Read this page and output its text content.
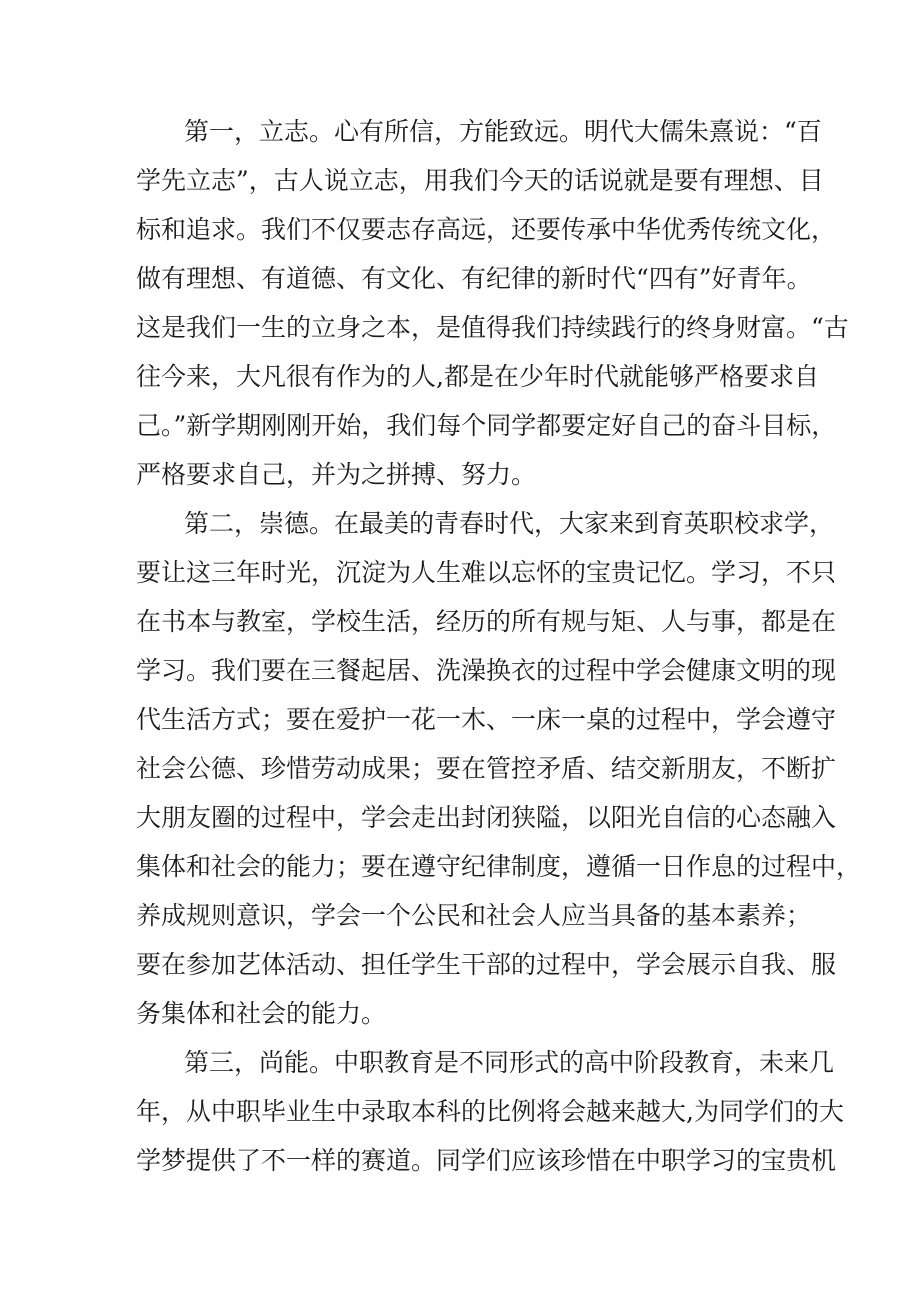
第一，立志。心有所信，方能致远。明代大儒朱熹说：“百
学先立志”，古人说立志，用我们今天的话说就是要有理想、目
标和追求。我们不仅要志存高远，还要传承中华优秀传统文化，
做有理想、有道德、有文化、有纪律的新时代“四有”好青年。
这是我们一生的立身之本，是值得我们持续践行的终身财富。“古
往今来，大凡很有作为的人,都是在少年时代就能够严格要求自
己。”新学期刚刚开始，我们每个同学都要定好自己的奋斗目标，
严格要求自己，并为之拼搏、努力。
第二，崇德。在最美的青春时代，大家来到育英职校求学，
要让这三年时光，沉淀为人生难以忘怀的宝贵记忆。学习，不只
在书本与教室，学校生活，经历的所有规与矩、人与事，都是在
学习。我们要在三餐起居、洗澡换衣的过程中学会健康文明的现
代生活方式；要在爱护一花一木、一床一桌的过程中，学会遵守
社会公德、珍惜劳动成果；要在管控矛盾、结交新朋友，不断扩
大朋友圈的过程中，学会走出封闭狭隘，以阳光自信的心态融入
集体和社会的能力；要在遵守纪律制度，遵循一日作息的过程中，
养成规则意识，学会一个公民和社会人应当具备的基本素养；
要在参加艺体活动、担任学生干部的过程中，学会展示自我、服
务集体和社会的能力。
第三，尚能。中职教育是不同形式的高中阶段教育，未来几
年，从中职毕业生中录取本科的比例将会越来越大,为同学们的大
学梦提供了不一样的赛道。同学们应该珍惜在中职学习的宝贵机
